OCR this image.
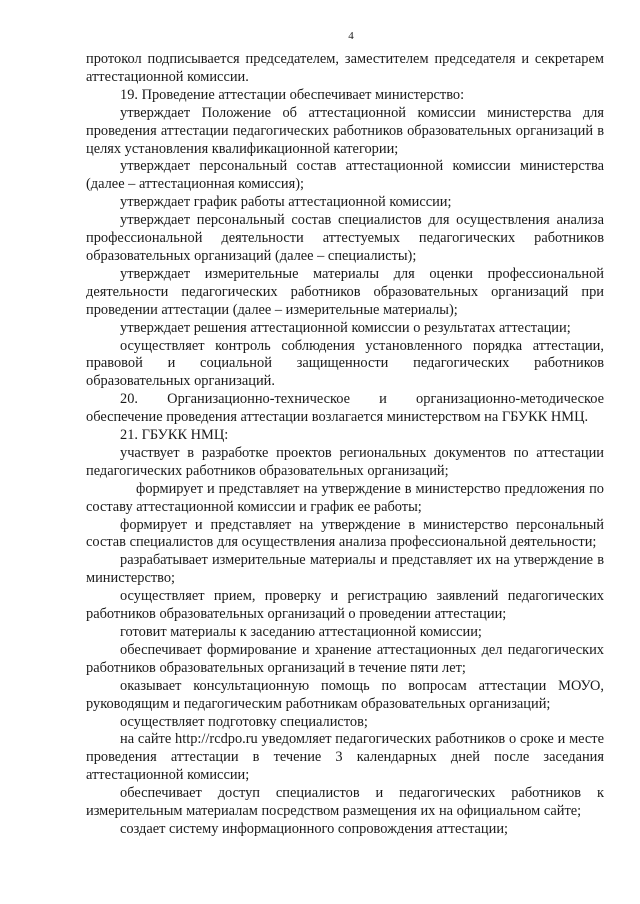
4

протокол подписывается председателем, заместителем председателя и секретарем аттестационной комиссии.

19. Проведение аттестации обеспечивает министерство:

утверждает Положение об аттестационной комиссии министерства для проведения аттестации педагогических работников образовательных организаций в целях установления квалификационной категории;

утверждает персональный состав аттестационной комиссии министерства (далее – аттестационная комиссия);

утверждает график работы аттестационной комиссии;

утверждает персональный состав специалистов для осуществления анализа профессиональной деятельности аттестуемых педагогических работников образовательных организаций (далее – специалисты);

утверждает измерительные материалы для оценки профессиональной деятельности педагогических работников образовательных организаций при проведении аттестации (далее – измерительные материалы);

утверждает решения аттестационной комиссии о результатах аттестации;

осуществляет контроль соблюдения установленного порядка аттестации, правовой и социальной защищенности педагогических работников образовательных организаций.

20. Организационно-техническое и организационно-методическое обеспечение проведения аттестации возлагается министерством на ГБУКК НМЦ.

21. ГБУКК НМЦ:

участвует в разработке проектов региональных документов по аттестации педагогических работников образовательных организаций;

формирует и представляет на утверждение в министерство предложения по составу аттестационной комиссии и график ее работы;

формирует и представляет на утверждение в министерство персональный состав специалистов для осуществления анализа профессиональной деятельности;

разрабатывает измерительные материалы и представляет их на утверждение в министерство;

осуществляет прием, проверку и регистрацию заявлений педагогических работников образовательных организаций о проведении аттестации;

готовит материалы к заседанию аттестационной комиссии;

обеспечивает формирование и хранение аттестационных дел педагогических работников образовательных организаций в течение пяти лет;

оказывает консультационную помощь по вопросам аттестации МОУО, руководящим и педагогическим работникам образовательных организаций;

осуществляет подготовку специалистов;

на сайте http://rcdpo.ru уведомляет педагогических работников о сроке и месте проведения аттестации в течение 3 календарных дней после заседания аттестационной комиссии;

обеспечивает доступ специалистов и педагогических работников к измерительным материалам посредством размещения их на официальном сайте;

создает систему информационного сопровождения аттестации;
